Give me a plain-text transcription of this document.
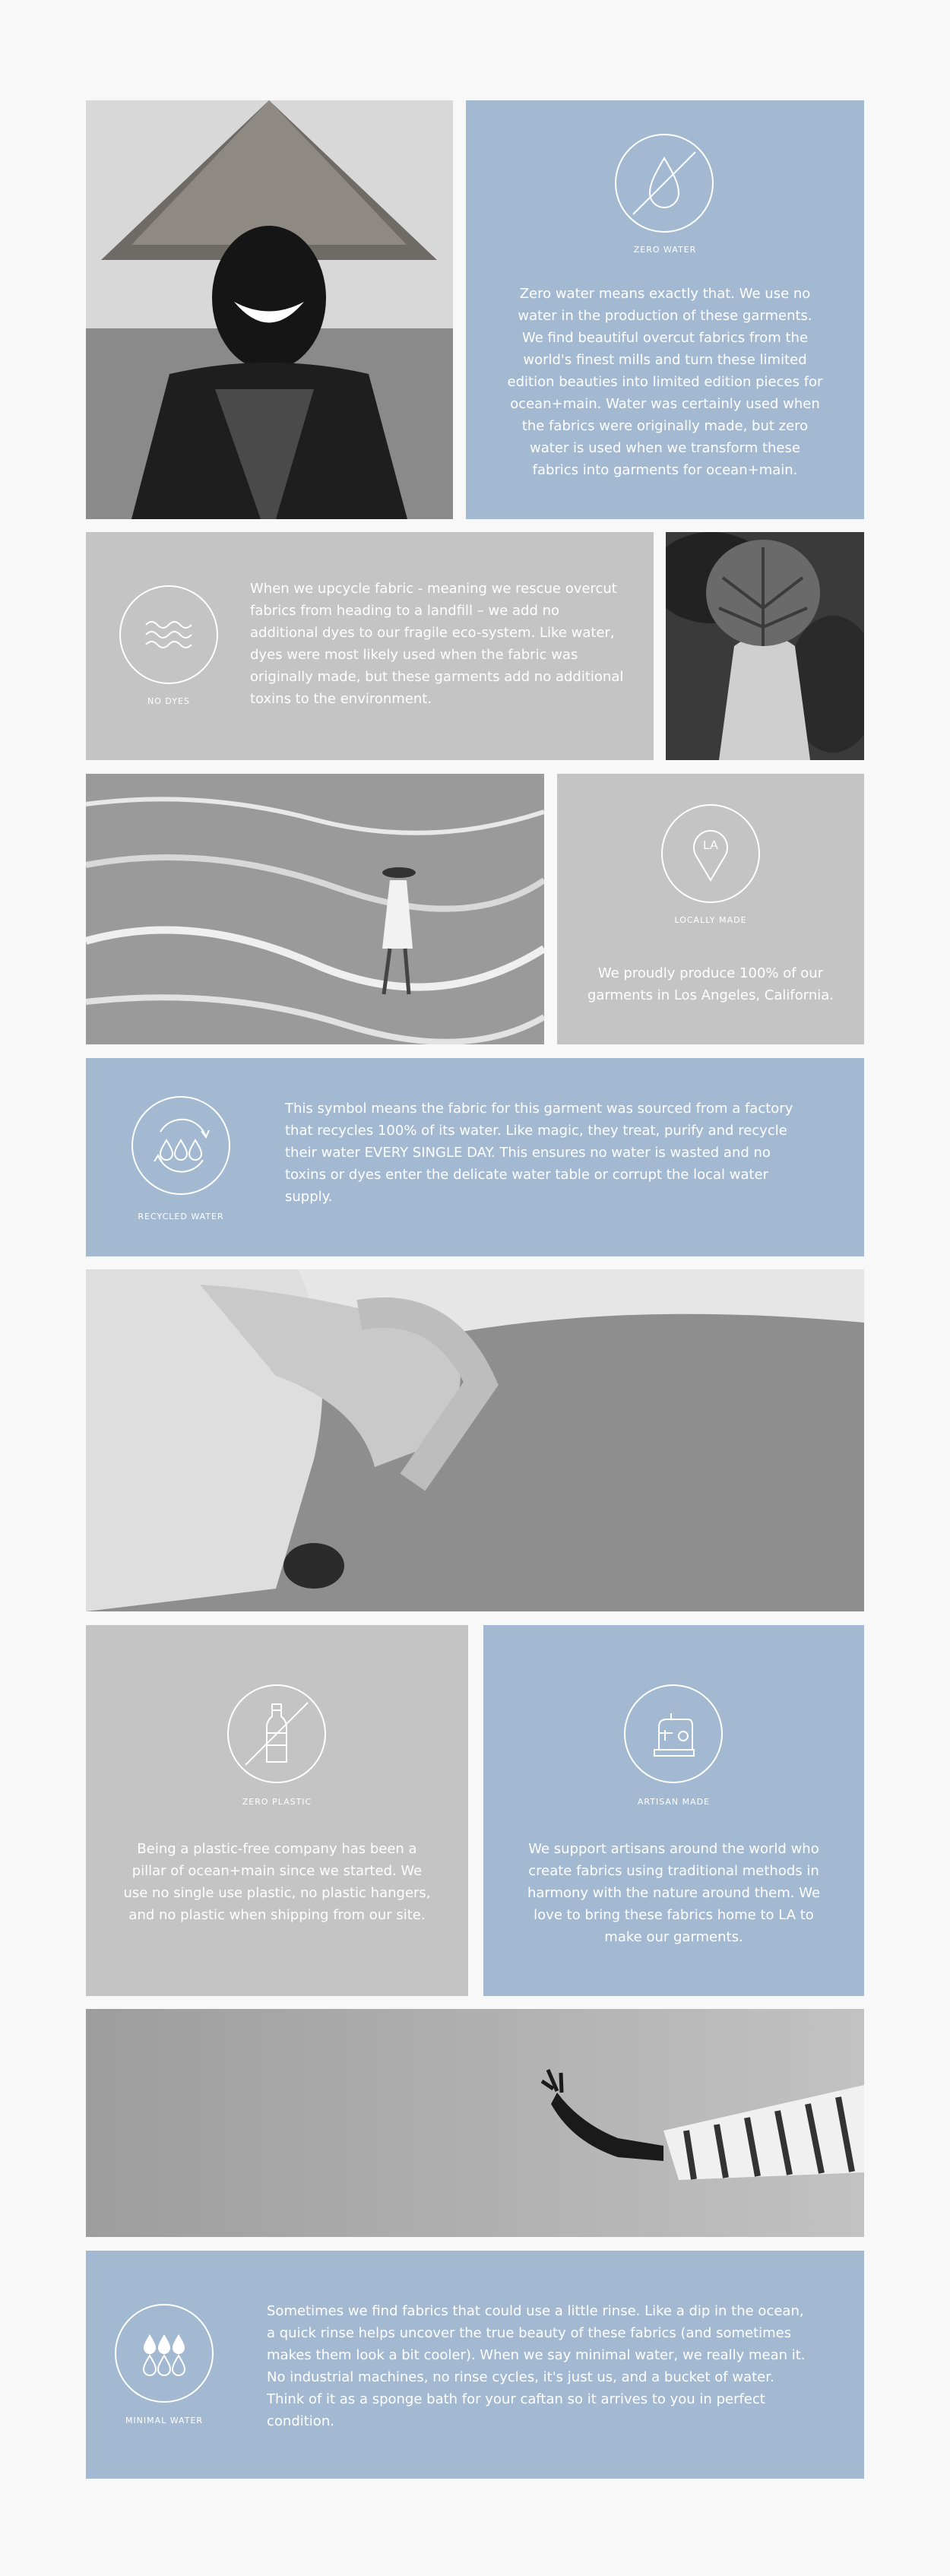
ZERO WATER
Zero water means exactly that. We use no water in the production of these garments. We find beautiful overcut fabrics from the world's finest mills and turn these limited edition beauties into limited edition pieces for ocean+main. Water was certainly used when the fabrics were originally made, but zero water is used when we transform these fabrics into garments for ocean+main.
NO DYES
When we upcycle fabric - meaning we rescue overcut fabrics from heading to a landfill – we add no additional dyes to our fragile eco-system. Like water, dyes were most likely used when the fabric was originally made, but these garments add no additional toxins to the environment.
LA
LOCALLY MADE
We proudly produce 100% of our garments in Los Angeles, California.
RECYCLED WATER
This symbol means the fabric for this garment was sourced from a factory that recycles 100% of its water. Like magic, they treat, purify and recycle their water EVERY SINGLE DAY. This ensures no water is wasted and no toxins or dyes enter the delicate water table or corrupt the local water supply.
ZERO PLASTIC
Being a plastic-free company has been a pillar of ocean+main since we started. We use no single use plastic, no plastic hangers, and no plastic when shipping from our site.
ARTISAN MADE
We support artisans around the world who create fabrics using traditional methods in harmony with the nature around them. We love to bring these fabrics home to LA to make our garments.
MINIMAL WATER
Sometimes we find fabrics that could use a little rinse. Like a dip in the ocean, a quick rinse helps uncover the true beauty of these fabrics (and sometimes makes them look a bit cooler). When we say minimal water, we really mean it. No industrial machines, no rinse cycles, it's just us, and a bucket of water. Think of it as a sponge bath for your caftan so it arrives to you in perfect condition.
